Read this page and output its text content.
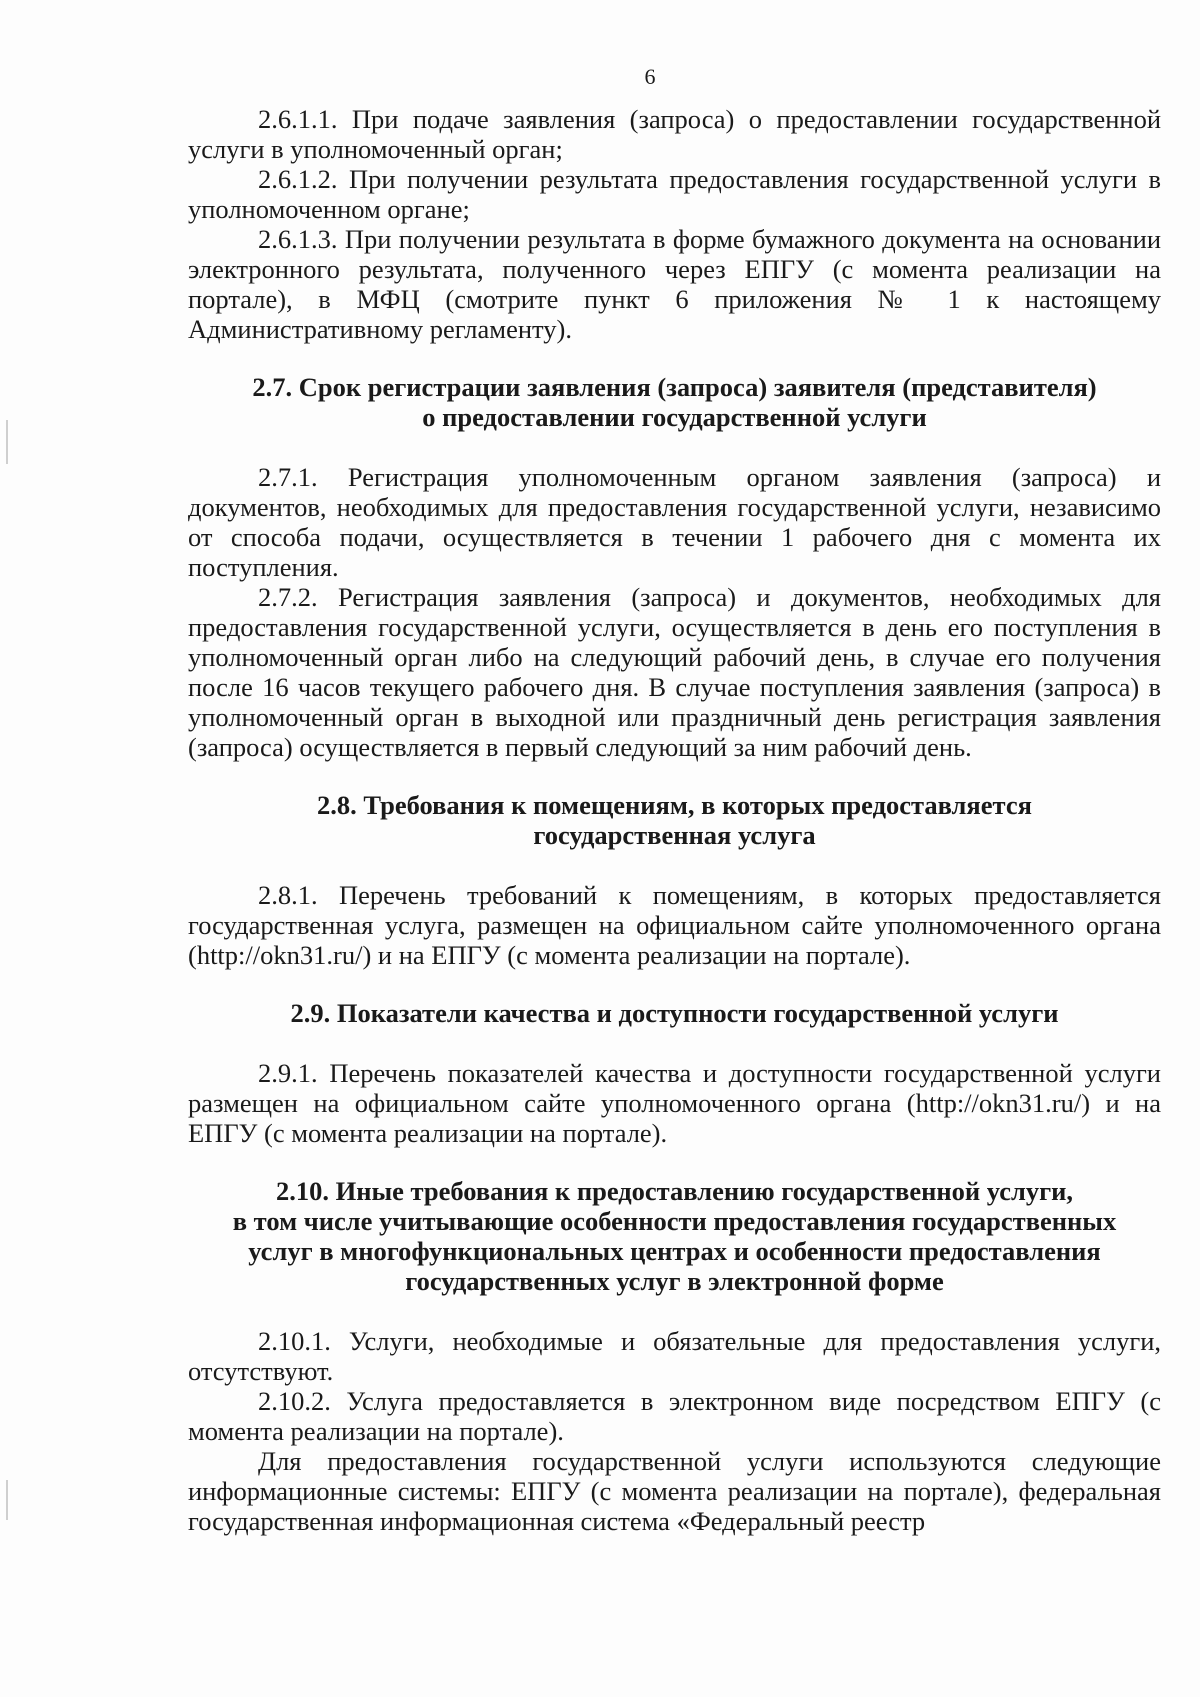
6

2.6.1.1. При подаче заявления (запроса) о предоставлении государственной услуги в уполномоченный орган;

2.6.1.2. При получении результата предоставления государственной услуги в уполномоченном органе;

2.6.1.3. При получении результата в форме бумажного документа на основании электронного результата, полученного через ЕПГУ (с момента реализации на портале), в МФЦ (смотрите пункт 6 приложения № 1 к настоящему Административному регламенту).

2.7. Срок регистрации заявления (запроса) заявителя (представителя)

о предоставлении государственной услуги

2.7.1. Регистрация уполномоченным органом заявления (запроса) и документов, необходимых для предоставления государственной услуги, независимо от способа подачи, осуществляется в течении 1 рабочего дня с момента их поступления.

2.7.2. Регистрация заявления (запроса) и документов, необходимых для предоставления государственной услуги, осуществляется в день его поступления в уполномоченный орган либо на следующий рабочий день, в случае его получения после 16 часов текущего рабочего дня. В случае поступления заявления (запроса) в уполномоченный орган в выходной или праздничный день регистрация заявления (запроса) осуществляется в первый следующий за ним рабочий день.

2.8. Требования к помещениям, в которых предоставляется

государственная услуга

2.8.1. Перечень требований к помещениям, в которых предоставляется государственная услуга, размещен на официальном сайте уполномоченного органа (http://okn31.ru/) и на ЕПГУ (с момента реализации на портале).

2.9. Показатели качества и доступности государственной услуги

2.9.1. Перечень показателей качества и доступности государственной услуги размещен на официальном сайте уполномоченного органа (http://okn31.ru/) и на ЕПГУ (с момента реализации на портале).

2.10. Иные требования к предоставлению государственной услуги,

в том числе учитывающие особенности предоставления государственных

услуг в многофункциональных центрах и особенности предоставления

государственных услуг в электронной форме

2.10.1. Услуги, необходимые и обязательные для предоставления услуги, отсутствуют.

2.10.2. Услуга предоставляется в электронном виде посредством ЕПГУ (с момента реализации на портале).

Для предоставления государственной услуги используются следующие информационные системы: ЕПГУ (с момента реализации на портале), федеральная государственная информационная система «Федеральный реестр
